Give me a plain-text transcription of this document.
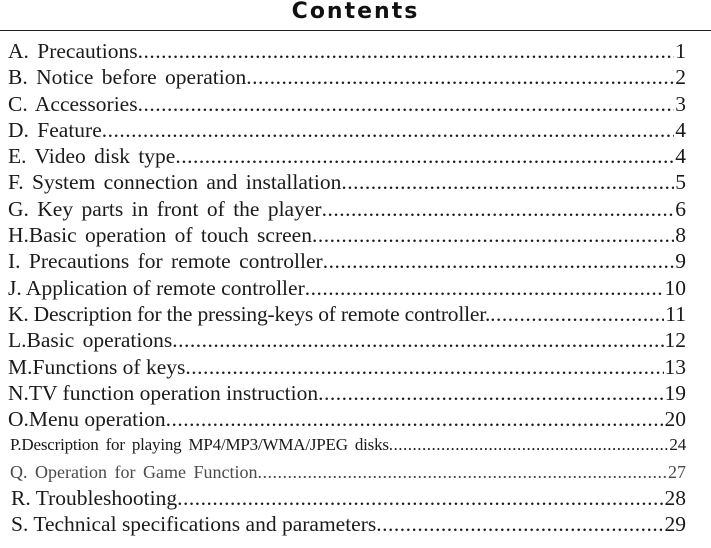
Contents
A. Precautions .....	1
B. Notice before operation .....	2
C. Accessories .....	3
D. Feature .....	4
E. Video disk type .....	4
F. System connection and installation .....	5
G. Key parts in front of the player .....	6
H.Basic operation of touch screen .....	8
I. Precautions for remote controller .....	9
J. Application of remote controller .....	10
K. Description for the pressing-keys of remote controller. .....	11
L.Basic operations .....	12
M.Functions of keys .....	13
N.TV function operation instruction .....	19
O.Menu operation .....	20
P.Description for playing MP4/MP3/WMA/JPEG disks .....	24
Q. Operation for Game Function .....	27
R. Troubleshooting .....	28
S. Technical specifications and parameters .....	29
